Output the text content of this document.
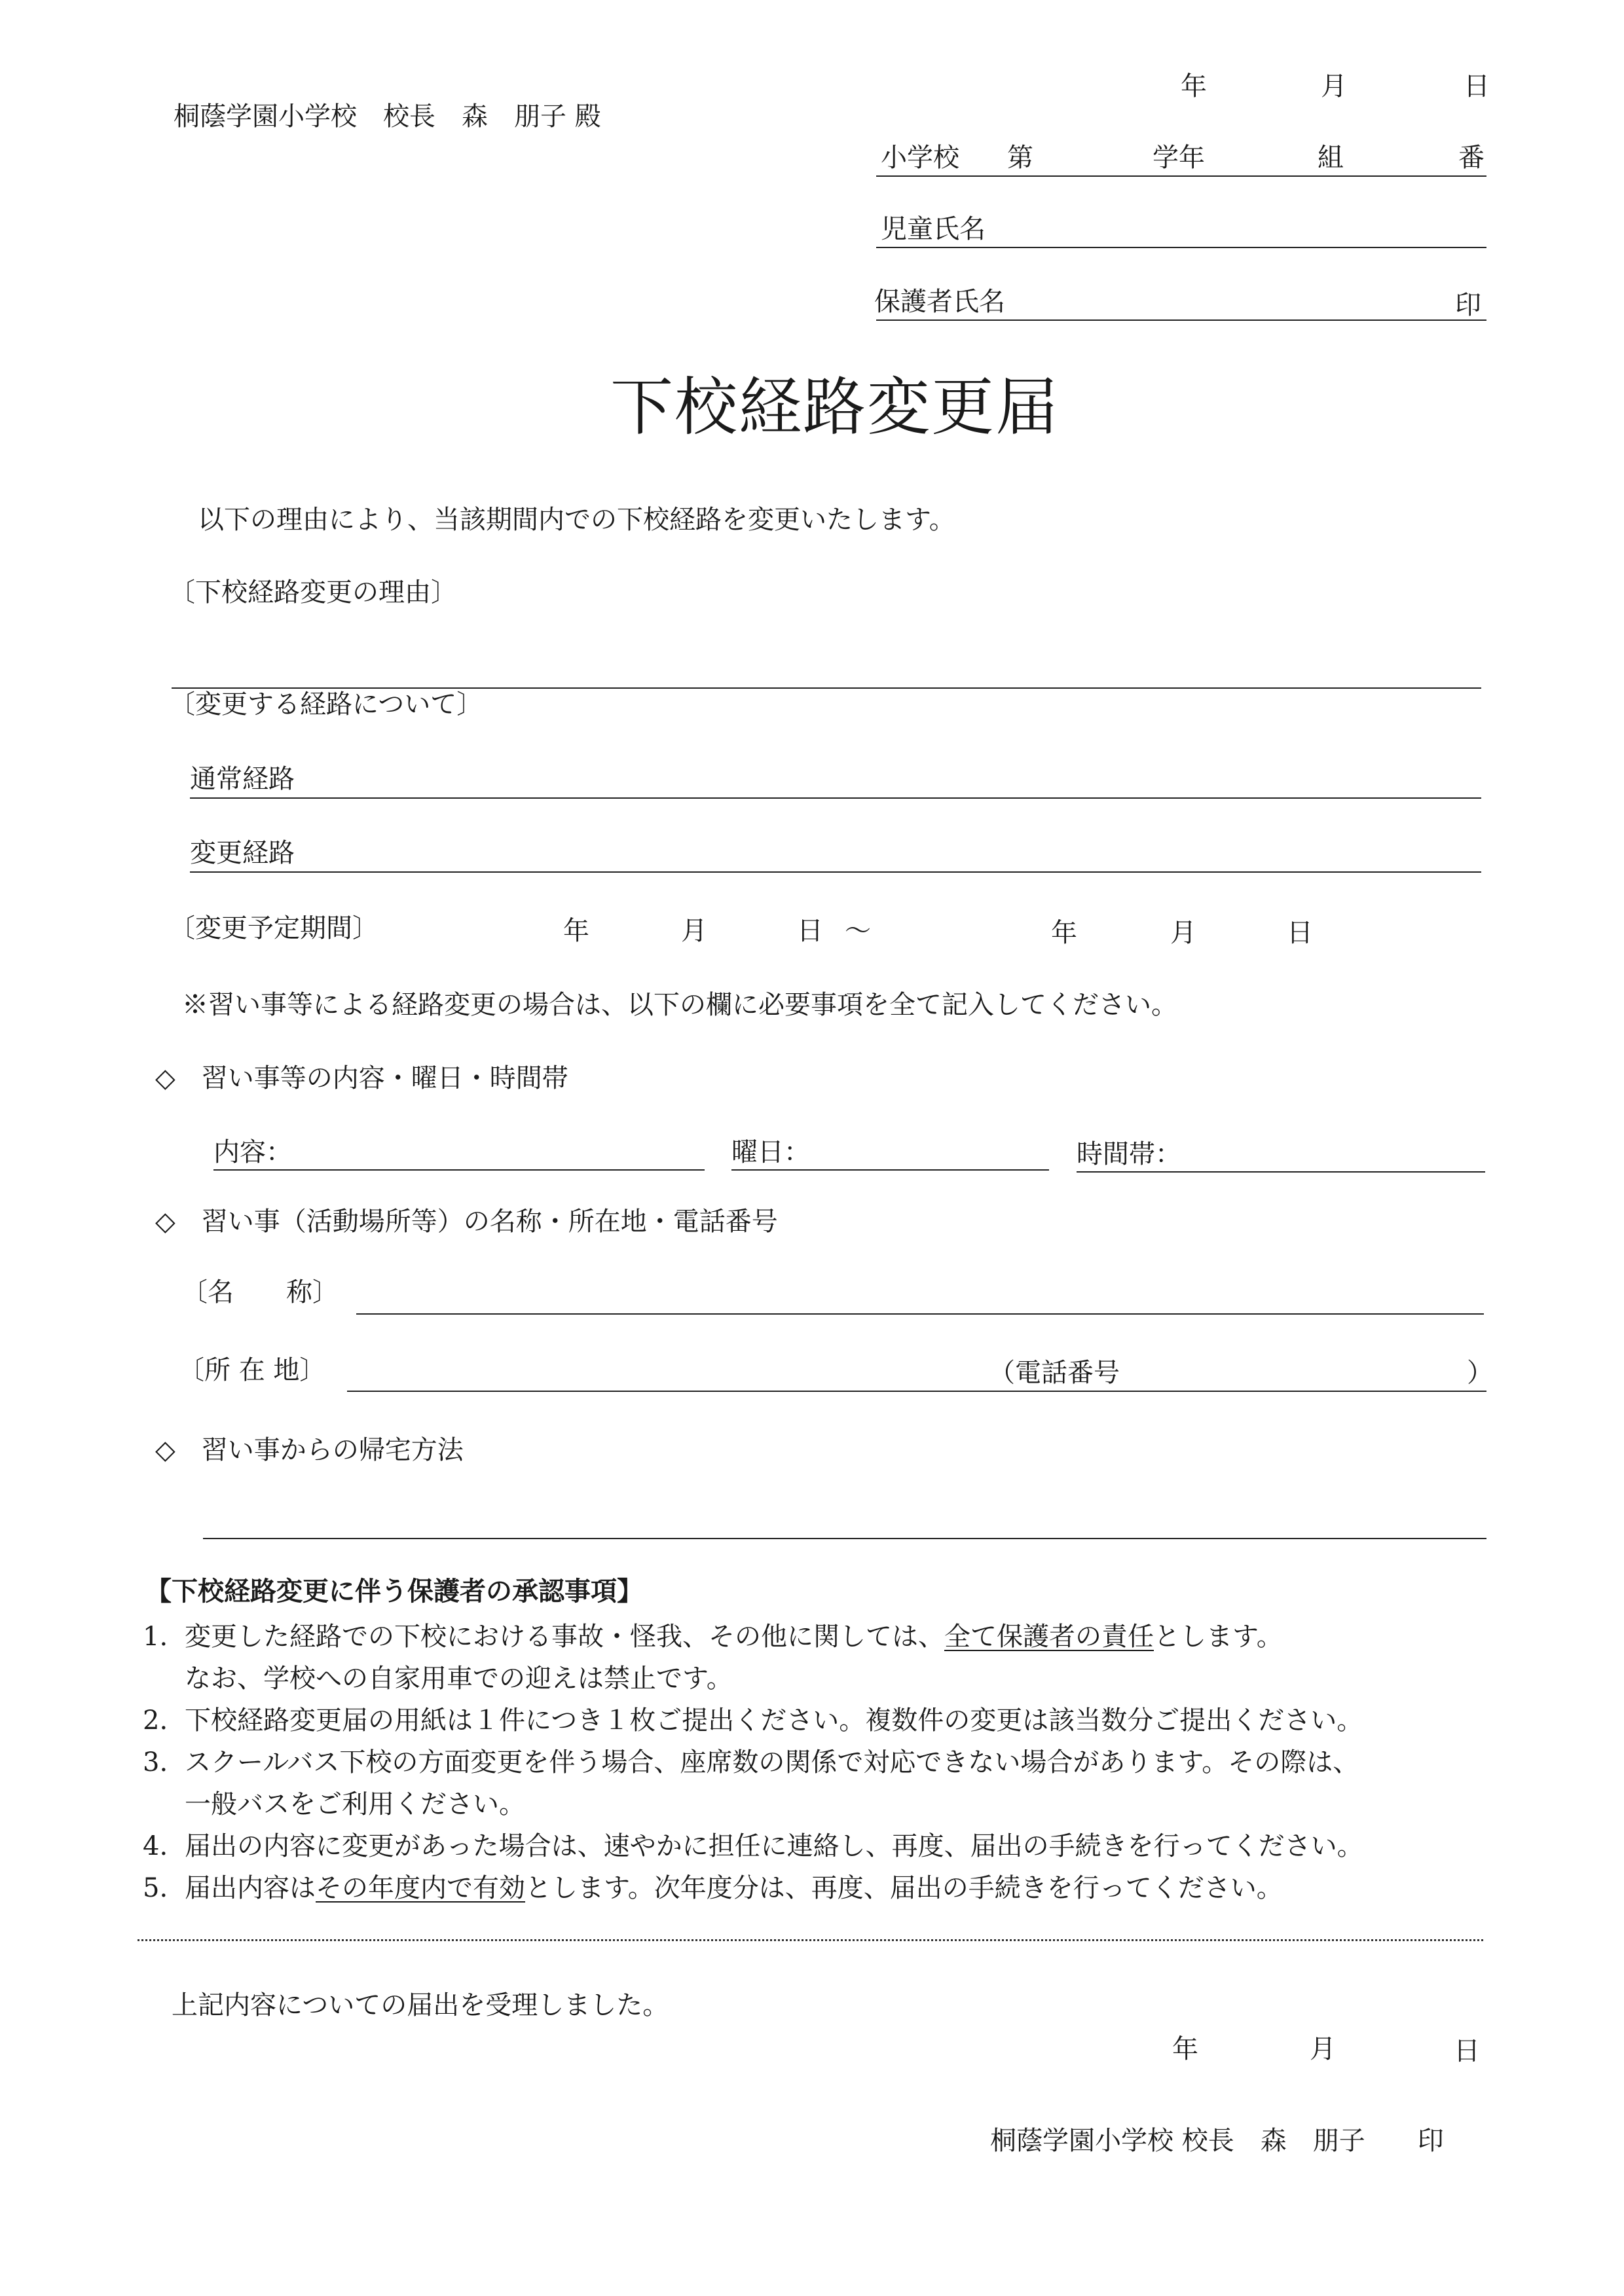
年	月	日
桐蔭学園小学校　校長　森　朋子 殿
小学校 第	学年	組	番
児童氏名
保護者氏名	印
下校経路変更届
以下の理由により、当該期間内での下校経路を変更いたします。
〔下校経路変更の理由〕
〔変更する経路について〕
通常経路
変更経路
〔変更予定期間〕	年	月	日 ～	年	月	日
※習い事等による経路変更の場合は、以下の欄に必要事項を全て記入してください。
◇　習い事等の内容・曜日・時間帯
内容：	曜日：	時間帯：
◇　習い事（活動場所等）の名称・所在地・電話番号
〔名　　称〕
〔所 在 地〕	（電話番号	）
◇　習い事からの帰宅方法
【下校経路変更に伴う保護者の承認事項】
1. 変更した経路での下校における事故・怪我、その他に関しては、全て保護者の責任とします。
なお、学校への自家用車での迎えは禁止です。
2. 下校経路変更届の用紙は１件につき１枚ご提出ください。複数件の変更は該当数分ご提出ください。
3. スクールバス下校の方面変更を伴う場合、座席数の関係で対応できない場合があります。その際は、
一般バスをご利用ください。
4. 届出の内容に変更があった場合は、速やかに担任に連絡し、再度、届出の手続きを行ってください。
5. 届出内容はその年度内で有効とします。次年度分は、再度、届出の手続きを行ってください。
上記内容についての届出を受理しました。
年	月	日
桐蔭学園小学校 校長　森　朋子　　印
